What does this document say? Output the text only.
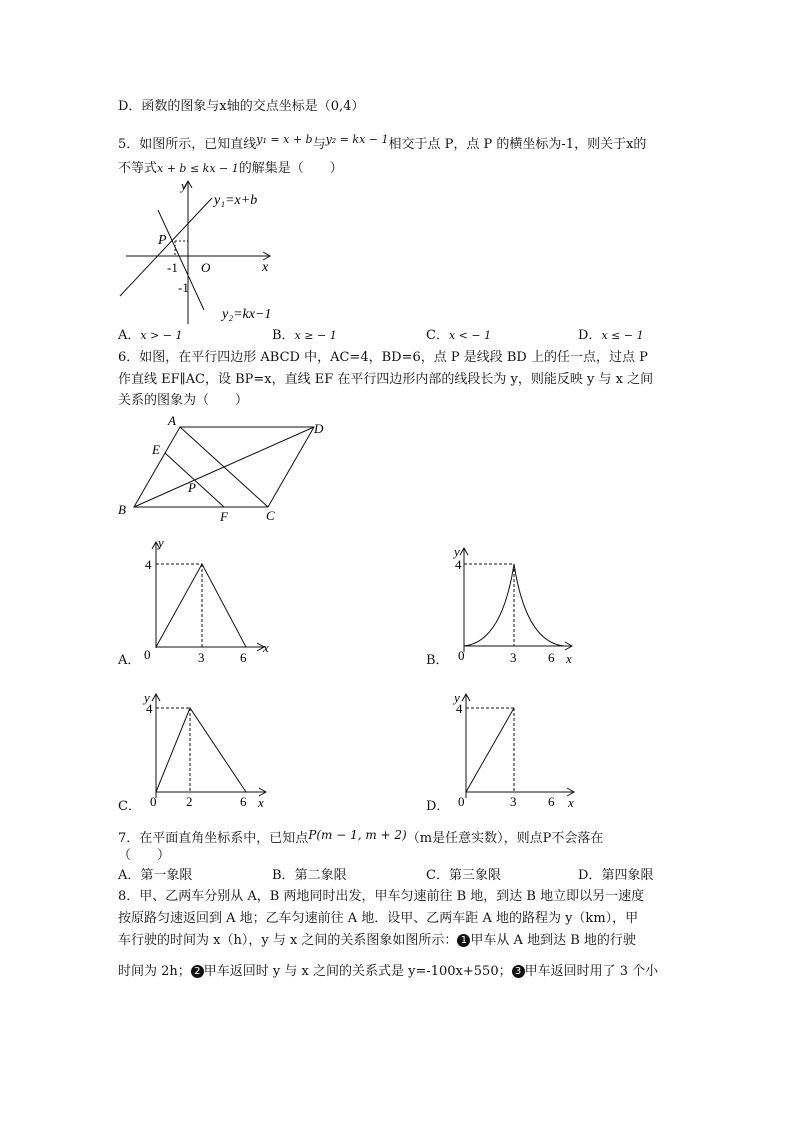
D．函数的图象与x轴的交点坐标是（0,4）
5．如图所示，已知直线$^{y_1 = x + b}$与$^{y_2 = kx - 1}$相交于点 P，点 P 的横坐标为-1，则关于x的
不等式x + b ≤ kx − 1的解集是（　　）
y
x
O
P
-1
-1
y₁=x+b
y₂=kx−1
A．x > − 1	B．x ≥ − 1	C．x < − 1	D．x ≤ − 1
6．如图，在平行四边形 ABCD 中，AC=4，BD=6，点 P 是线段 BD 上的任一点，过点 P
作直线 EF∥AC，设 BP=x，直线 EF 在平行四边形内部的线段长为 y，则能反映 y 与 x 之间
关系的图象为（　　）
A
B	C
D
E
F
P
y
x
0
4
3	6
A．
y
x
0
4
3 6
B．
y
x
0
4
2	6
C．
y
x
0
4
3 6
D．
7．在平面直角坐标系中，已知点P(m − 1, m + 2)（m是任意实数），则点P不会落在
（　　）
A．第一象限	B．第二象限	C．第三象限	D．第四象限
8．甲、乙两车分别从 A，B 两地同时出发，甲车匀速前往 B 地，到达 B 地立即以另一速度
按原路匀速返回到 A 地；乙车匀速前往 A 地．设甲、乙两车距 A 地的路程为 y（km），甲
车行驶的时间为 x（h），y 与 x 之间的关系图象如图所示： 1 甲车从 A 地到达 B 地的行驶
时间为 2h； 2 甲车返回时 y 与 x 之间的关系式是 y=-100x+550； 3 甲车返回时用了 3 个小
